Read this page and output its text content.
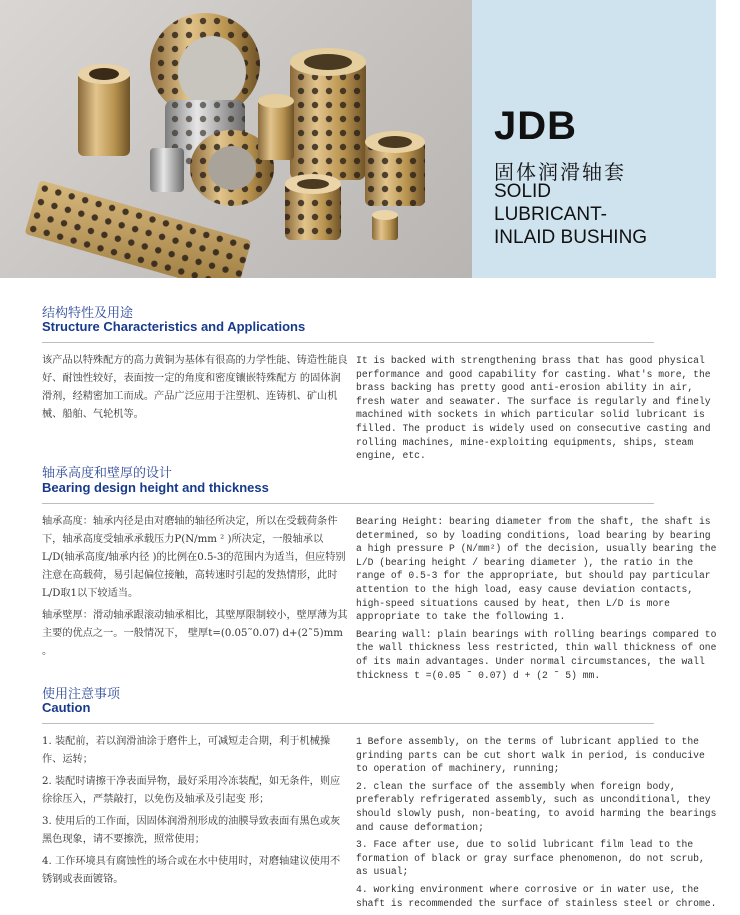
JDB
固体润滑轴套
SOLID
LUBRICANT-
INLAID BUSHING
结构特性及用途
Structure Characteristics and Applications

该产品以特殊配方的高力黄铜为基体有很高的力学性能、铸造性能良好、耐蚀性较好，表面按一定的角度和密度镶嵌特殊配方 的固体润滑剂，经精密加工而成。产品广泛应用于注塑机、连铸机、矿山机械、船舶、气轮机等。

It is backed with strengthening brass that has good physical performance and good capability for casting. What's more, the brass backing has pretty good anti-erosion ability in air, fresh water and seawater. The surface is regularly and finely machined with sockets in which particular solid lubricant is filled. The product is widely used on consecutive casting and rolling machines, mine-exploiting equipments, ships, steam engine, etc.

轴承高度和壁厚的设计
Bearing design height and thickness

轴承高度：轴承内径是由对磨轴的轴径所决定，所以在受载荷条件下，轴承高度受轴承承载压力P(N/mm ² )所决定，一般轴承以L/D(轴承高度/轴承内径 )的比例在0.5-3的范围内为适当，但应特别注意在高载荷，易引起偏位接触，高转速时引起的发热情形，此时L/D取1以下较适当。

轴承壁厚：滑动轴承跟滚动轴承相比，其壁厚限制较小，壁厚薄为其主要的优点之一。一般情况下， 壁厚t=(0.05˜0.07) d+(2˜5)mm 。

Bearing Height: bearing diameter from the shaft, the shaft is determined, so by loading conditions, load bearing by bearing a high pressure P (N/mm²) of the decision, usually bearing the L/D (bearing height / bearing diameter ), the ratio in the range of 0.5-3 for the appropriate, but should pay particular attention to the high load, easy cause deviation contacts, high-speed situations caused by heat, then L/D is more appropriate to take the following 1.

Bearing wall: plain bearings with rolling bearings compared to the wall thickness less restricted, thin wall thickness of one of its main advantages. Under normal circumstances, the wall thickness t =(0.05 ˜ 0.07) d + (2 ˜ 5) mm.

使用注意事项
Caution

1. 装配前，若以润滑油涂于磨件上，可减短走合期，利于机械操作、运转；

2. 装配时请擦干净表面异物，最好采用冷冻装配，如无条件，则应徐徐压入，严禁敲打，以免伤及轴承及引起变 形；

3. 使用后的工作面，因固体润滑剂形成的油膜导致表面有黑色或灰黑色现象，请不要擦洗，照常使用；

4. 工作环境具有腐蚀性的场合或在水中使用时，对磨轴建议使用不锈钢或表面镀铬。

1 Before assembly, on the terms of lubricant applied to the grinding parts can be cut short walk in period, is conducive to operation of machinery, running;

2. clean the surface of the assembly when foreign body, preferably refrigerated assembly, such as unconditional, they should slowly push, non-beating, to avoid harming the bearings and cause deformation;

3. Face after use, due to solid lubricant film lead to the formation of black or gray surface phenomenon, do not scrub, as usual;

4. working environment where corrosive or in water use, the shaft is recommended the surface of stainless steel or chrome.
